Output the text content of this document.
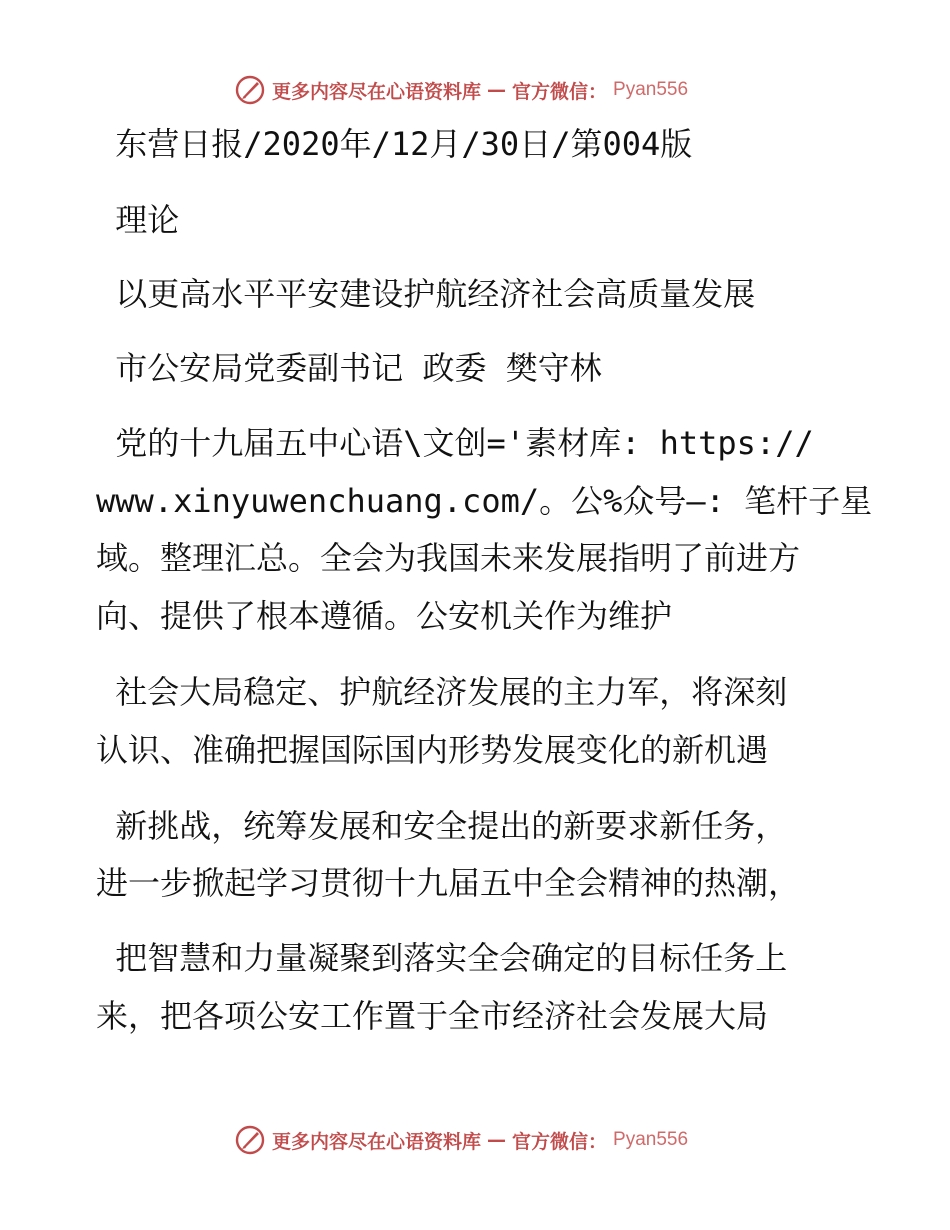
更多内容尽在心语资料库 — 官方微信： Pyan556
东营日报/2020年/12月/30日/第004版
理论
以更高水平平安建设护航经济社会高质量发展
市公安局党委副书记 政委 樊守林
党的十九届五中心语\文创='素材库: https://
www.xinyuwenchuang.com/。公%众号—: 笔杆子星
域。整理汇总。全会为我国未来发展指明了前进方
向、提供了根本遵循。公安机关作为维护
社会大局稳定、护航经济发展的主力军，将深刻
认识、准确把握国际国内形势发展变化的新机遇
新挑战，统筹发展和安全提出的新要求新任务，
进一步掀起学习贯彻十九届五中全会精神的热潮，
把智慧和力量凝聚到落实全会确定的目标任务上
来，把各项公安工作置于全市经济社会发展大局
更多内容尽在心语资料库 — 官方微信： Pyan556
